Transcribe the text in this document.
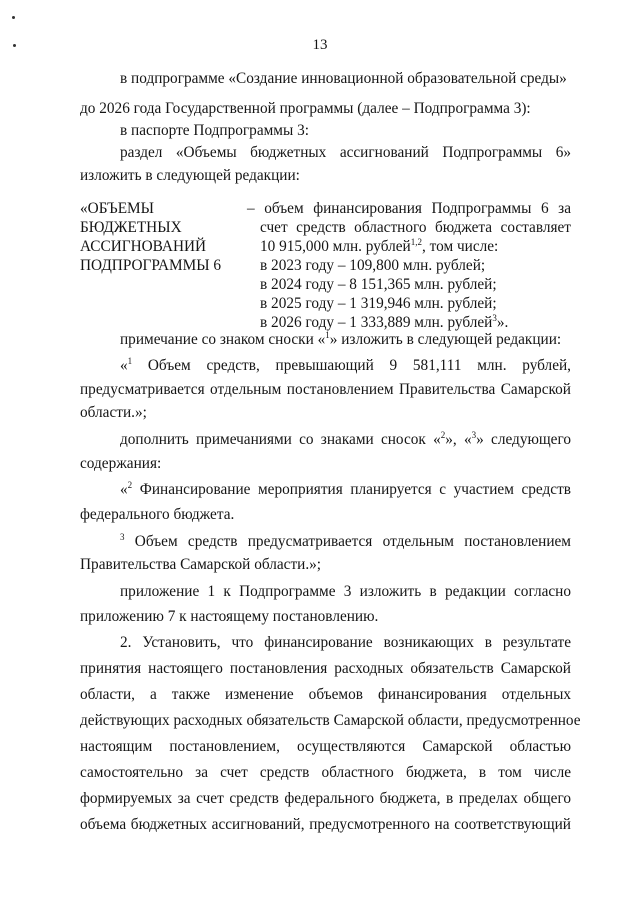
13
в подпрограмме «Создание инновационной образовательной среды»
до 2026 года Государственной программы (далее – Подпрограмма 3):
в паспорте Подпрограммы 3:
раздел «Объемы бюджетных ассигнований Подпрограммы 6»
изложить в следующей редакции:
«ОБЪЕМЫ
БЮДЖЕТНЫХ
АССИГНОВАНИЙ
ПОДПРОГРАММЫ 6
– объем финансирования Подпрограммы 6 за
счет средств областного бюджета составляет
10 915,000 млн. рублей$^{1,2}$, том числе:
в 2023 году – 109,800 млн. рублей;
в 2024 году – 8 151,365 млн. рублей;
в 2025 году – 1 319,946 млн. рублей;
в 2026 году – 1 333,889 млн. рублей$^3$».
примечание со знаком сноски «$^1$» изложить в следующей редакции:
«$^1$ Объем средств, превышающий 9 581,111 млн. рублей,
предусматривается отдельным постановлением Правительства Самарской
области.»;
дополнить примечаниями со знаками сносок «$^2$», «$^3$» следующего
содержания:
«$^2$ Финансирование мероприятия планируется с участием средств
федерального бюджета.
$^3$ Объем средств предусматривается отдельным постановлением
Правительства Самарской области.»;
приложение 1 к Подпрограмме 3 изложить в редакции согласно
приложению 7 к настоящему постановлению.
2. Установить, что финансирование возникающих в результате
принятия настоящего постановления расходных обязательств Самарской
области, а также изменение объемов финансирования отдельных
действующих расходных обязательств Самарской области, предусмотренное
настоящим постановлением, осуществляются Самарской областью
самостоятельно за счет средств областного бюджета, в том числе
формируемых за счет средств федерального бюджета, в пределах общего
объема бюджетных ассигнований, предусмотренного на соответствующий
